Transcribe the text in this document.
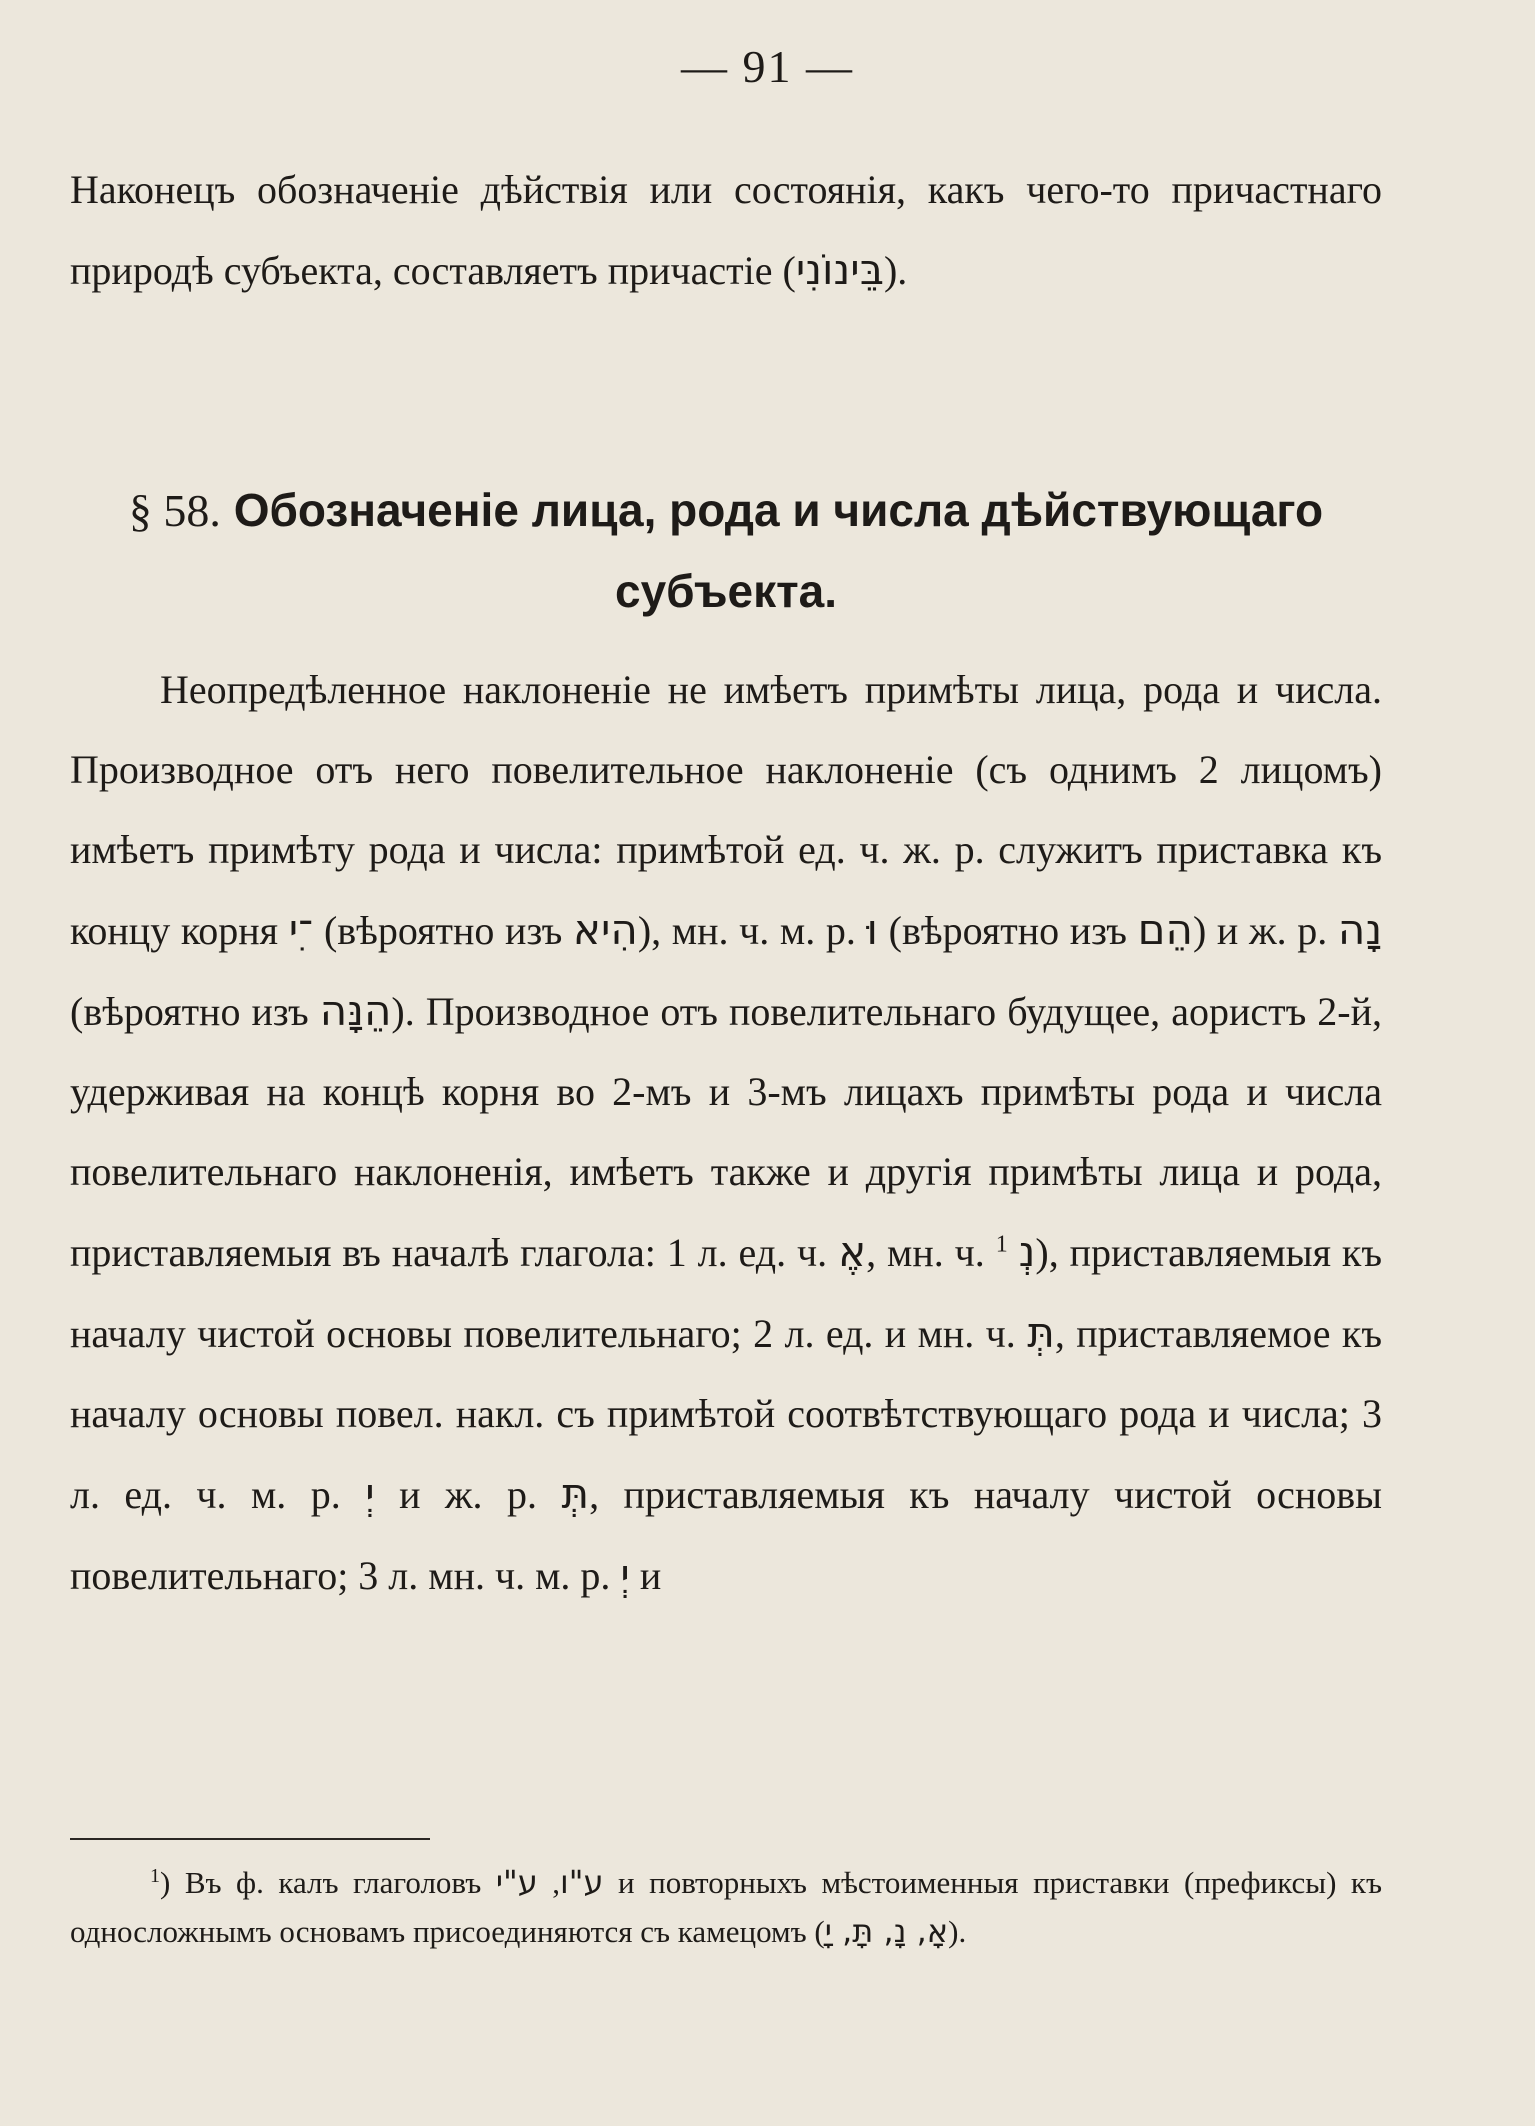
— 91 —

Наконецъ обозначеніе дѣйствія или состоянія, какъ чего-то причастнаго природѣ субъекта, составляетъ причастіе (בֵּינוֹנִי).

§ 58. Обозначеніе лица, рода и числа дѣйствующаго субъекта.

Неопредѣленное наклоненіе не имѣетъ примѣты лица, рода и числа. Производное отъ него повелительное наклоненіе (съ однимъ 2 лицомъ) имѣетъ примѣту рода и числа: примѣтой ед. ч. ж. р. служитъ приставка къ концу корня ִ־י (вѣроятно изъ הִיא), мн. ч. м. р. וּ (вѣроятно изъ הֵם) и ж. р. נָה (вѣроятно изъ הֵנָּה). Производное отъ повелительнаго будущее, аористъ 2-й, удерживая на концѣ корня во 2-мъ и 3-мъ лицахъ примѣты рода и числа повелительнаго наклоненія, имѣетъ также и другія примѣты лица и рода, приставляемыя въ началѣ глагола: 1 л. ед. ч. אֶ, мн. ч. נְ $^1$ ), приставляемыя къ началу чистой основы повелительнаго; 2 л. ед. и мн. ч. תְּ, приставляемое къ началу основы повел. накл. съ примѣтой соотвѣтствующаго рода и числа; 3 л. ед. ч. м. р. יְ и ж. р. תְּ, приставляемыя къ началу чистой основы повелительнаго; 3 л. мн. ч. м. р. יְ и

$^1$) Въ ф. калъ глаголовъ ע"ו, ע"י	и повторныхъ мѣстоименныя приставки (префиксы) къ односложнымъ основамъ присоединяются съ камецомъ (אָ, נָ, תָּ, יָ).
